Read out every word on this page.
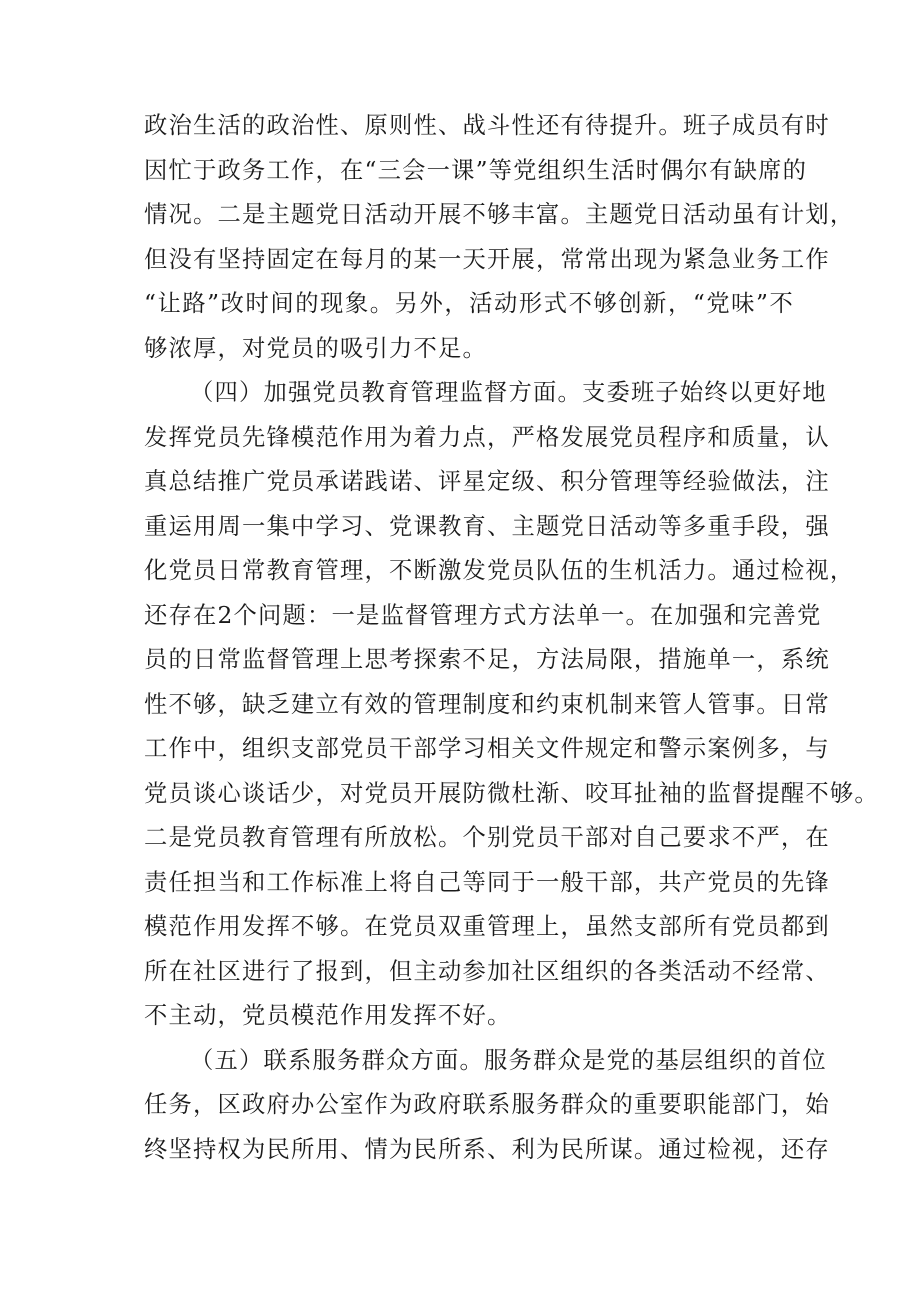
政治生活的政治性、原则性、战斗性还有待提升。班子成员有时
因忙于政务工作，在“三会一课”等党组织生活时偶尔有缺席的
情况。二是主题党日活动开展不够丰富。主题党日活动虽有计划，
但没有坚持固定在每月的某一天开展，常常出现为紧急业务工作
“让路”改时间的现象。另外，活动形式不够创新，“党味”不
够浓厚，对党员的吸引力不足。
（四）加强党员教育管理监督方面。支委班子始终以更好地
发挥党员先锋模范作用为着力点，严格发展党员程序和质量，认
真总结推广党员承诺践诺、评星定级、积分管理等经验做法，注
重运用周一集中学习、党课教育、主题党日活动等多重手段，强
化党员日常教育管理，不断激发党员队伍的生机活力。通过检视，
还存在2个问题：一是监督管理方式方法单一。在加强和完善党
员的日常监督管理上思考探索不足，方法局限，措施单一，系统
性不够，缺乏建立有效的管理制度和约束机制来管人管事。日常
工作中，组织支部党员干部学习相关文件规定和警示案例多，与
党员谈心谈话少，对党员开展防微杜渐、咬耳扯袖的监督提醒不够。
二是党员教育管理有所放松。个别党员干部对自己要求不严，在
责任担当和工作标准上将自己等同于一般干部，共产党员的先锋
模范作用发挥不够。在党员双重管理上，虽然支部所有党员都到
所在社区进行了报到，但主动参加社区组织的各类活动不经常、
不主动，党员模范作用发挥不好。
（五）联系服务群众方面。服务群众是党的基层组织的首位
任务，区政府办公室作为政府联系服务群众的重要职能部门，始
终坚持权为民所用、情为民所系、利为民所谋。通过检视，还存
